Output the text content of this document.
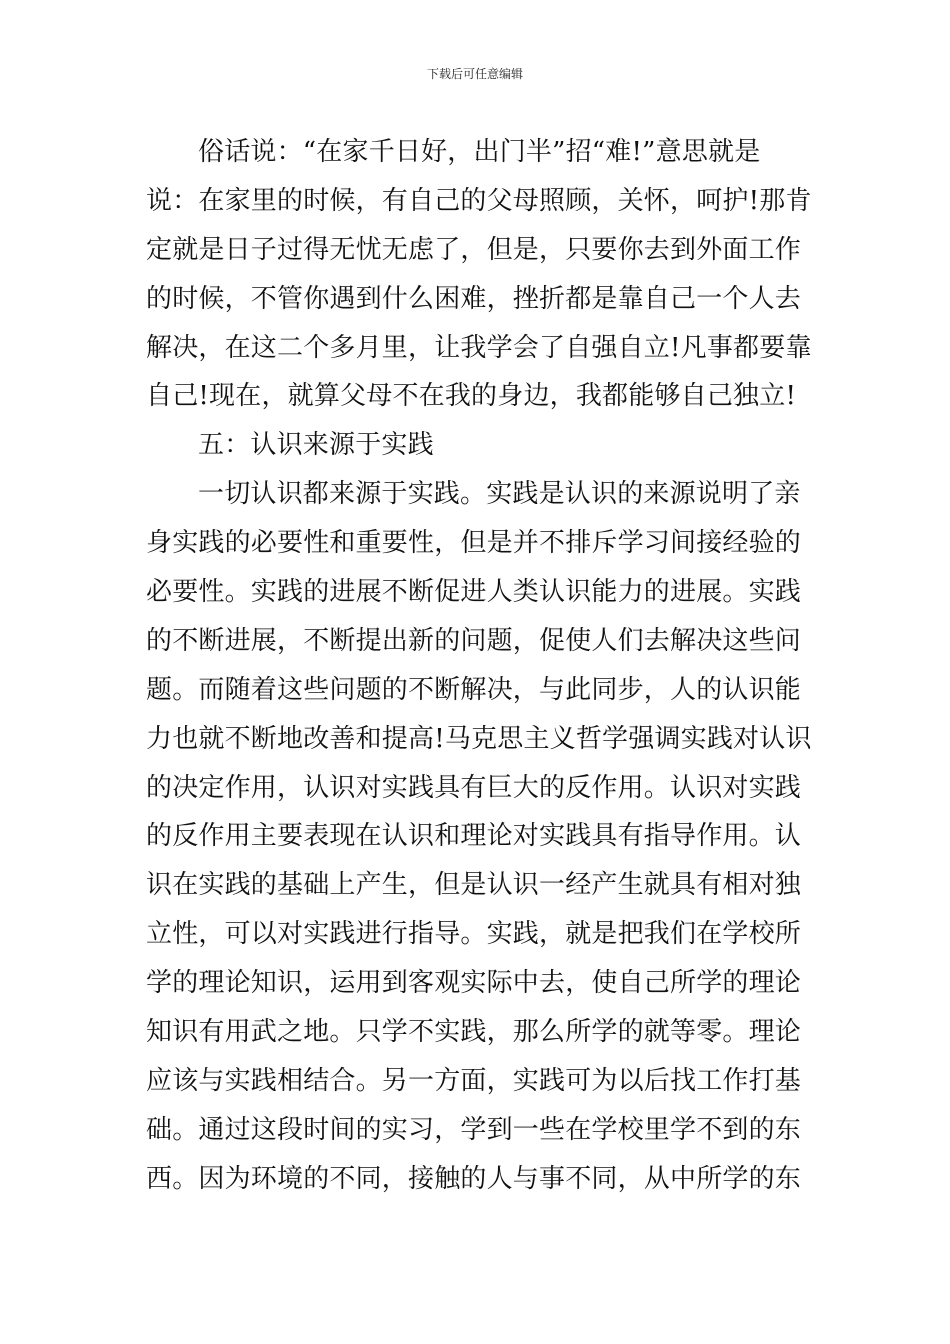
下载后可任意编辑
俗话说：“在家千日好，出门半”招“难!”意思就是
说：在家里的时候，有自己的父母照顾，关怀，呵护!那肯
定就是日子过得无忧无虑了，但是，只要你去到外面工作
的时候，不管你遇到什么困难，挫折都是靠自己一个人去
解决，在这二个多月里，让我学会了自强自立!凡事都要靠
自己!现在，就算父母不在我的身边，我都能够自己独立!
五：认识来源于实践
一切认识都来源于实践。实践是认识的来源说明了亲
身实践的必要性和重要性，但是并不排斥学习间接经验的
必要性。实践的进展不断促进人类认识能力的进展。实践
的不断进展，不断提出新的问题，促使人们去解决这些问
题。而随着这些问题的不断解决，与此同步，人的认识能
力也就不断地改善和提高!马克思主义哲学强调实践对认识
的决定作用，认识对实践具有巨大的反作用。认识对实践
的反作用主要表现在认识和理论对实践具有指导作用。认
识在实践的基础上产生，但是认识一经产生就具有相对独
立性，可以对实践进行指导。实践，就是把我们在学校所
学的理论知识，运用到客观实际中去，使自己所学的理论
知识有用武之地。只学不实践，那么所学的就等零。理论
应该与实践相结合。另一方面，实践可为以后找工作打基
础。通过这段时间的实习，学到一些在学校里学不到的东
西。因为环境的不同，接触的人与事不同，从中所学的东
